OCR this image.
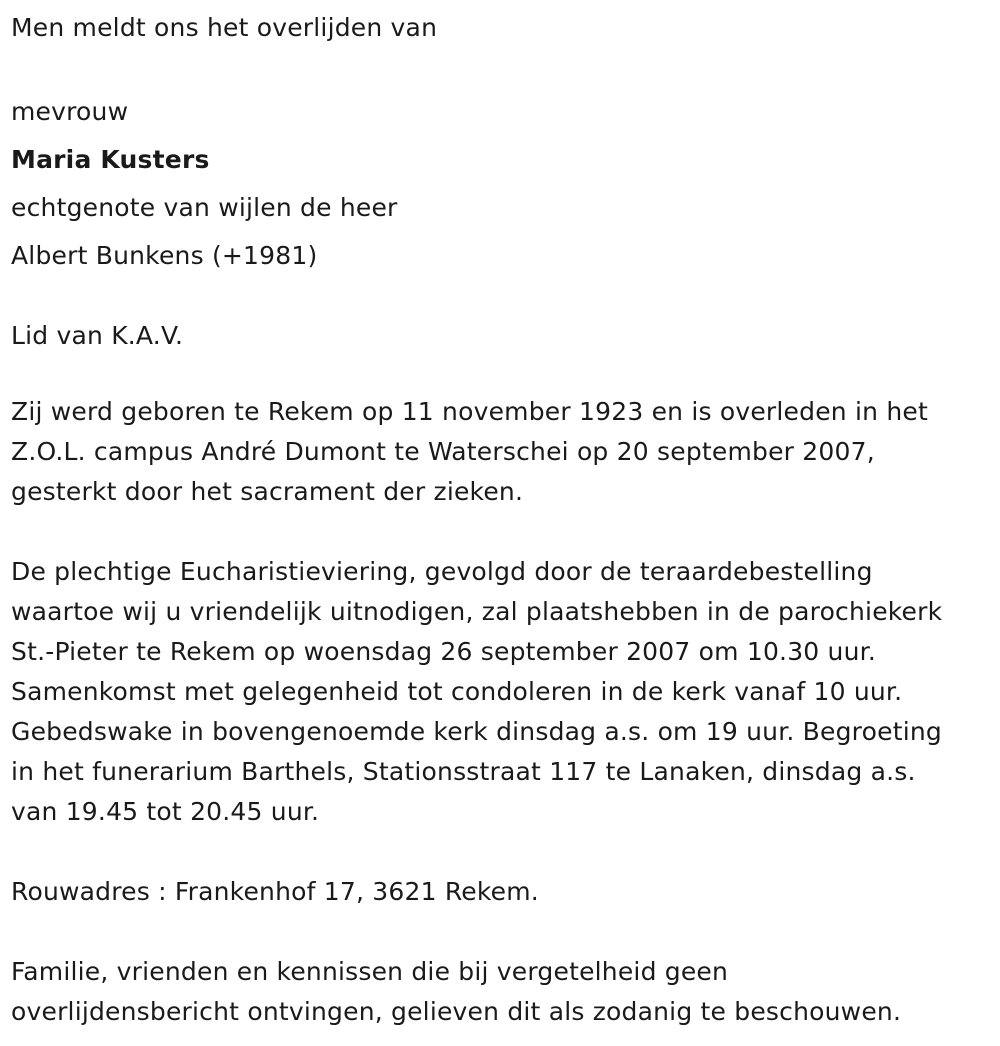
Men meldt ons het overlijden van
mevrouw
Maria Kusters
echtgenote van wijlen de heer
Albert Bunkens (+1981)
Lid van K.A.V.
Zij werd geboren te Rekem op 11 november 1923 en is overleden in het
Z.O.L. campus André Dumont te Waterschei op 20 september 2007,
gesterkt door het sacrament der zieken.
De plechtige Eucharistieviering, gevolgd door de teraardebestelling
waartoe wij u vriendelijk uitnodigen, zal plaatshebben in de parochiekerk
St.-Pieter te Rekem op woensdag 26 september 2007 om 10.30 uur.
Samenkomst met gelegenheid tot condoleren in de kerk vanaf 10 uur.
Gebedswake in bovengenoemde kerk dinsdag a.s. om 19 uur. Begroeting
in het funerarium Barthels, Stationsstraat 117 te Lanaken, dinsdag a.s.
van 19.45 tot 20.45 uur.
Rouwadres : Frankenhof 17, 3621 Rekem.
Familie, vrienden en kennissen die bij vergetelheid geen
overlijdensbericht ontvingen, gelieven dit als zodanig te beschouwen.
